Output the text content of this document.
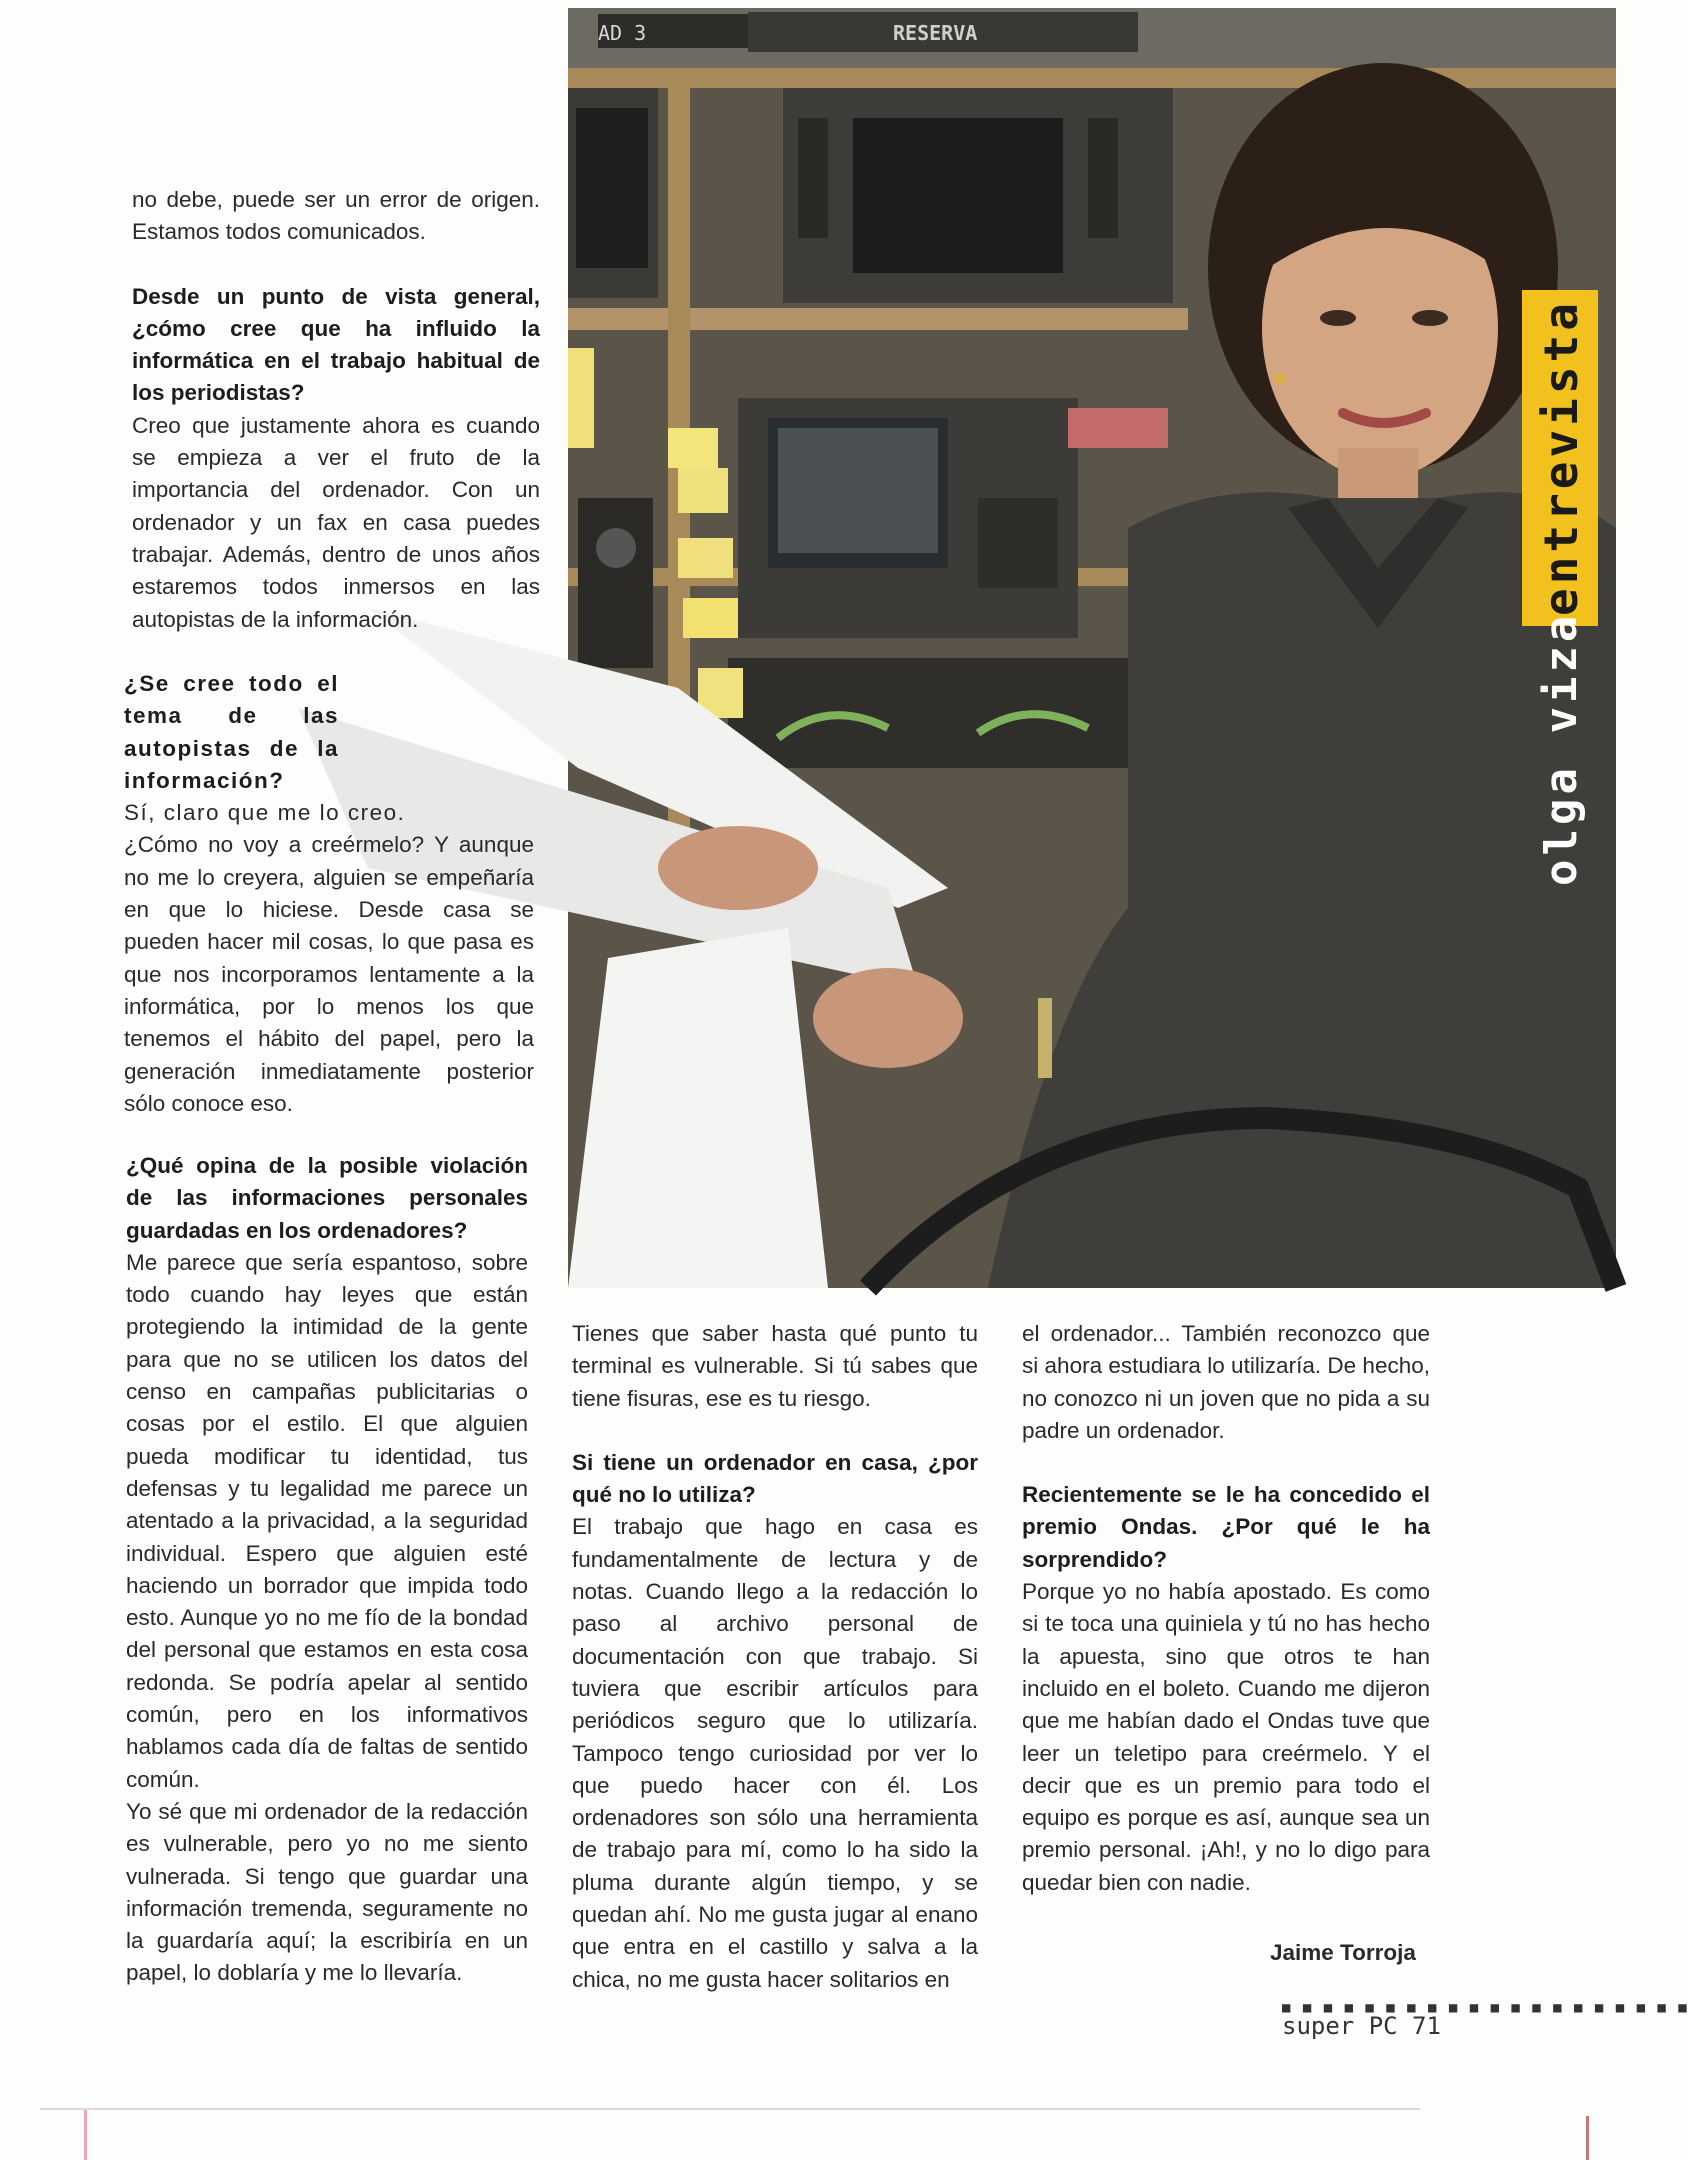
AD 3	RESERVA
entrevista
olga viza

no debe, puede ser un error de origen. Estamos todos comunicados.

Desde un punto de vista general, ¿cómo cree que ha influido la informática en el trabajo habitual de los periodistas?

Creo que justamente ahora es cuando se empieza a ver el fruto de la importancia del ordenador. Con un ordenador y un fax en casa puedes trabajar. Además, dentro de unos años estaremos todos inmersos en las autopistas de la información.

¿Se cree todo el tema de las autopistas de la información?

Sí, claro que me lo creo.

¿Cómo no voy a creérmelo? Y aunque no me lo creyera, alguien se empeñaría en que lo hiciese. Desde casa se pueden hacer mil cosas, lo que pasa es que nos incorporamos lentamente a la informática, por lo menos los que tenemos el hábito del papel, pero la generación inmediatamente posterior sólo conoce eso.

¿Qué opina de la posible violación de las informaciones personales guardadas en los ordenadores?

Me parece que sería espantoso, sobre todo cuando hay leyes que están protegiendo la intimidad de la gente para que no se utilicen los datos del censo en campañas publicitarias o cosas por el estilo. El que alguien pueda modificar tu identidad, tus defensas y tu legalidad me parece un atentado a la privacidad, a la seguridad individual. Espero que alguien esté haciendo un borrador que impida todo esto. Aunque yo no me fío de la bondad del personal que estamos en esta cosa redonda. Se podría apelar al sentido común, pero en los informativos hablamos cada día de faltas de sentido común.

Yo sé que mi ordenador de la redacción es vulnerable, pero yo no me siento vulnerada. Si tengo que guardar una información tremenda, seguramente no la guardaría aquí; la escribiría en un papel, lo doblaría y me lo llevaría.

Tienes que saber hasta qué punto tu terminal es vulnerable. Si tú sabes que tiene fisuras, ese es tu riesgo.

Si tiene un ordenador en casa, ¿por qué no lo utiliza?

El trabajo que hago en casa es fundamentalmente de lectura y de notas. Cuando llego a la redacción lo paso al archivo personal de documentación con que trabajo. Si tuviera que escribir artículos para periódicos seguro que lo utilizaría. Tampoco tengo curiosidad por ver lo que puedo hacer con él. Los ordenadores son sólo una herramienta de trabajo para mí, como lo ha sido la pluma durante algún tiempo, y se quedan ahí. No me gusta jugar al enano que entra en el castillo y salva a la chica, no me gusta hacer solitarios en

el ordenador... También reconozco que si ahora estudiara lo utilizaría. De hecho, no conozco ni un joven que no pida a su padre un ordenador.

Recientemente se le ha concedido el premio Ondas. ¿Por qué le ha sorprendido?

Porque yo no había apostado. Es como si te toca una quiniela y tú no has hecho la apuesta, sino que otros te han incluido en el boleto. Cuando me dijeron que me habían dado el Ondas tuve que leer un teletipo para creérmelo. Y el decir que es un premio para todo el equipo es porque es así, aunque sea un premio personal. ¡Ah!, y no lo digo para quedar bien con nadie.

Jaime Torroja
■ ■ ■ ■ ■ ■ ■ ■ ■ ■ ■ ■ ■ ■ ■ ■ ■ ■ ■ ■
super PC 71
